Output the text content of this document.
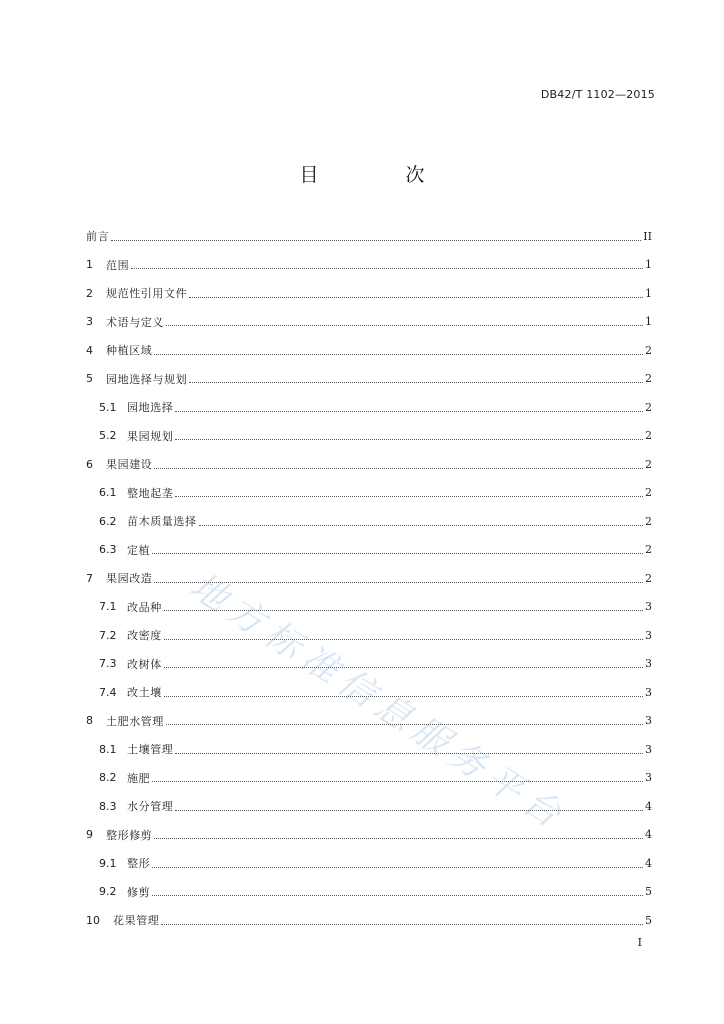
DB42/T 1102—2015
目　次
地方标准信息服务平台
前言	II
1	范围	1
2	规范性引用文件	1
3	术语与定义	1
4	种植区域	2
5	园地选择与规划	2
5.1 园地选择	2
5.2 果园规划	2
6	果园建设	2
6.1 整地起垄	2
6.2 苗木质量选择	2
6.3 定植	2
7	果园改造	2
7.1 改品种	3
7.2 改密度	3
7.3 改树体	3
7.4 改土壤	3
8	土肥水管理	3
8.1 土壤管理	3
8.2 施肥	3
8.3 水分管理	4
9	整形修剪	4
9.1 整形	4
9.2 修剪	5
10	花果管理	5
I
